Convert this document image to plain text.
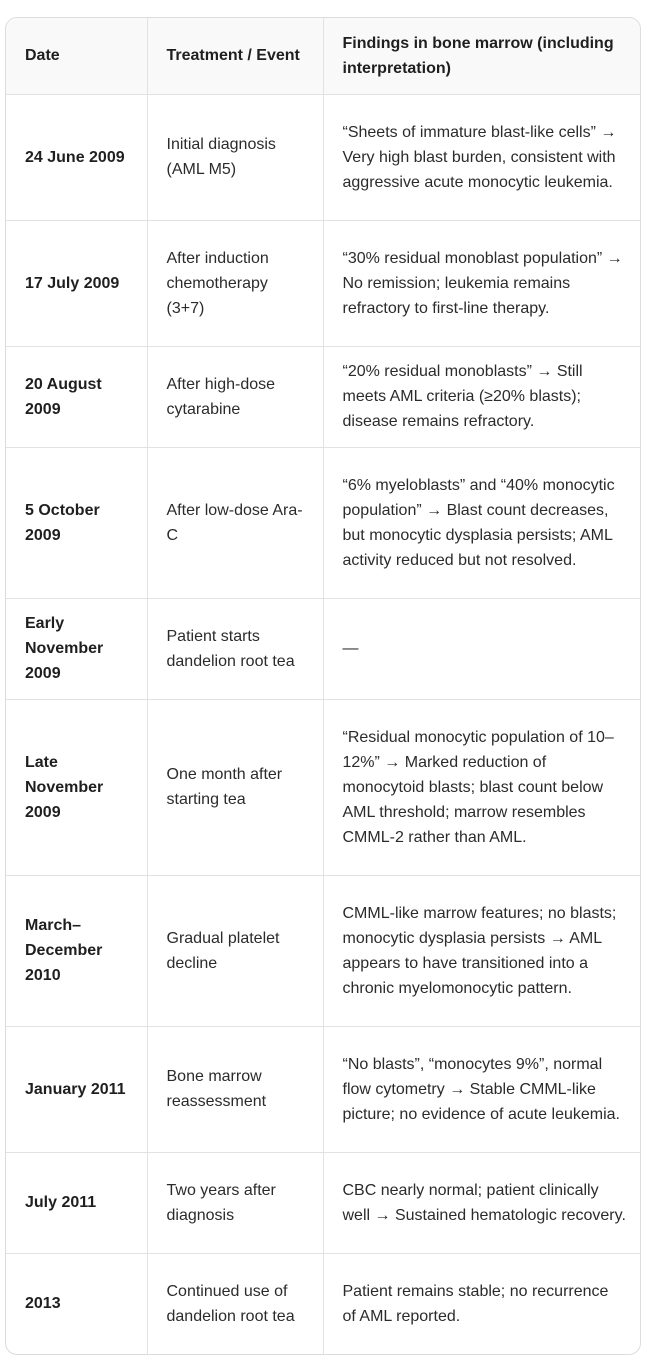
Date	Treatment / Event	Findings in bone marrow (including interpretation)
24 June 2009	Initial diagnosis (AML M5)	“Sheets of immature blast-like cells” → Very high blast burden, consistent with aggressive acute monocytic leukemia.
17 July 2009	After induction chemotherapy (3+7)	“30% residual monoblast population” → No remission; leukemia remains refractory to first-line therapy.
20 August 2009	After high-dose cytarabine	“20% residual monoblasts” → Still meets AML criteria (≥20% blasts); disease remains refractory.
5 October 2009	After low-dose Ara-C	“6% myeloblasts” and “40% monocytic population” → Blast count decreases, but monocytic dysplasia persists; AML activity reduced but not resolved.
Early November 2009	Patient starts dandelion root tea	—
Late November 2009	One month after starting tea	“Residual monocytic population of 10–12%” → Marked reduction of monocytoid blasts; blast count below AML threshold; marrow resembles CMML-2 rather than AML.
March–December 2010	Gradual platelet decline	CMML-like marrow features; no blasts; monocytic dysplasia persists → AML appears to have transitioned into a chronic myelomonocytic pattern.
January 2011	Bone marrow reassessment	“No blasts”, “monocytes 9%”, normal flow cytometry → Stable CMML-like picture; no evidence of acute leukemia.
July 2011	Two years after diagnosis	CBC nearly normal; patient clinically well → Sustained hematologic recovery.
2013	Continued use of dandelion root tea	Patient remains stable; no recurrence of AML reported.
